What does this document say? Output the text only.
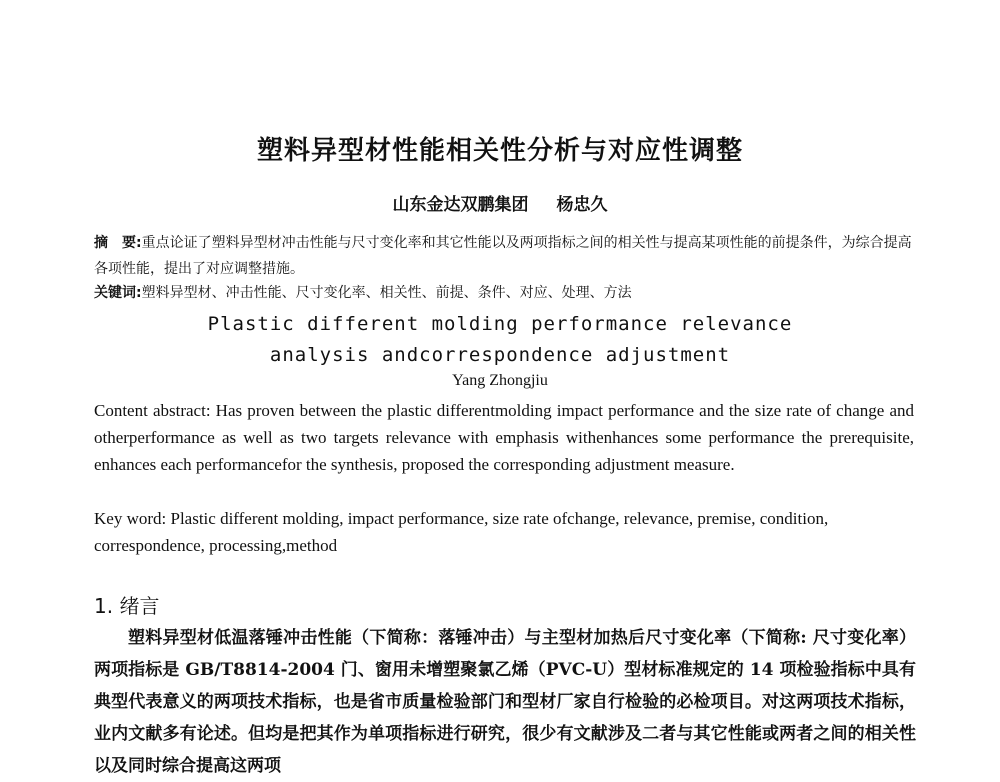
塑料异型材性能相关性分析与对应性调整
山东金达双鹏集团 杨忠久
摘　要:重点论证了塑料异型材冲击性能与尺寸变化率和其它性能以及两项指标之间的相关性与提高某项性能的前提条件，为综合提高各项性能，提出了对应调整措施。
关键词:塑料异型材、冲击性能、尺寸变化率、相关性、前提、条件、对应、处理、方法
Plastic different molding performance relevance
analysis andcorrespondence adjustment
Yang Zhongjiu
Content abstract: Has proven between the plastic differentmolding impact performance and the size rate of change and otherperformance as well as two targets relevance with emphasis withenhances some performance the prerequisite, enhances each performancefor the synthesis, proposed the corresponding adjustment measure.
Key word: Plastic different molding, impact performance, size rate ofchange, relevance, premise, condition, correspondence, processing,method
1. 绪言
塑料异型材低温落锤冲击性能（下简称：落锤冲击）与主型材加热后尺寸变化率（下简称: 尺寸变化率）两项指标是 GB/T8814-2004 门、窗用未增塑聚氯乙烯（PVC-U）型材标准规定的 14 项检验指标中具有典型代表意义的两项技术指标，也是省市质量检验部门和型材厂家自行检验的必检项目。对这两项技术指标，业内文献多有论述。但均是把其作为单项指标进行研究，很少有文献涉及二者与其它性能或两者之间的相关性以及同时综合提高这两项
